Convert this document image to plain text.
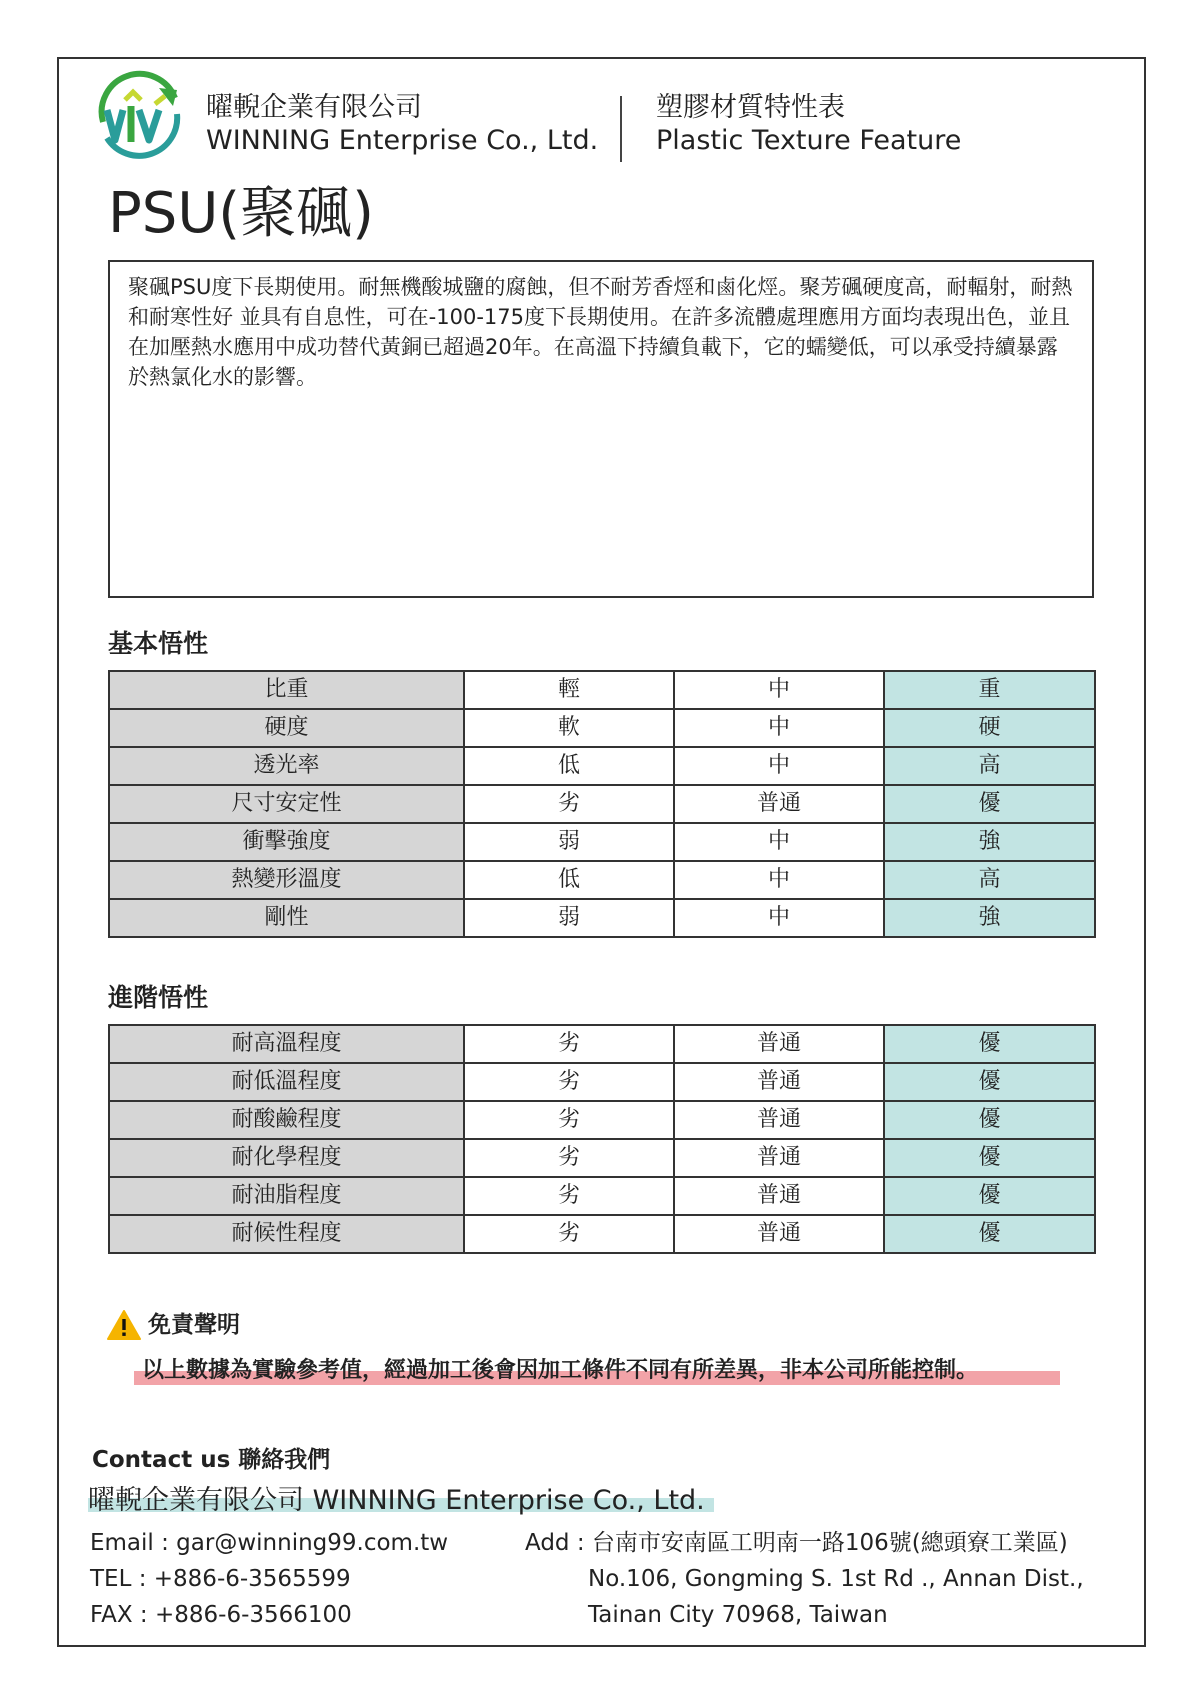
曜輗企業有限公司
WINNING Enterprise Co., Ltd.
塑膠材質特性表
Plastic Texture Feature
PSU(聚碸)
聚碸PSU度下長期使用。耐無機酸城鹽的腐蝕，但不耐芳香烴和鹵化烴。聚芳碸硬度高，耐輻射，耐熱和耐寒性好 並具有自息性，可在-100-175度下長期使用。在許多流體處理應用方面均表現出色，並且在加壓熱水應用中成功替代黃銅已超過20年。在高溫下持續負載下，它的蠕變低，可以承受持續暴露於熱氯化水的影響。
基本悟性
比重	輕	中	重
硬度	軟	中	硬
透光率	低	中	高
尺寸安定性	劣	普通	優
衝擊強度	弱	中	強
熱變形溫度	低	中	高
剛性	弱	中	強
進階悟性
耐高溫程度	劣	普通	優
耐低溫程度	劣	普通	優
耐酸鹼程度	劣	普通	優
耐化學程度	劣	普通	優
耐油脂程度	劣	普通	優
耐候性程度	劣	普通	優
免責聲明
以上數據為實驗參考值，經過加工後會因加工條件不同有所差異，非本公司所能控制。
Contact us 聯絡我們
曜輗企業有限公司 WINNING Enterprise Co., Ltd.
Email : gar@winning99.com.tw
TEL : +886-6-3565599
FAX : +886-6-3566100
Add : 台南市安南區工明南一路106號(總頭寮工業區)
No.106, Gongming S. 1st Rd ., Annan Dist.,
Tainan City 70968, Taiwan
